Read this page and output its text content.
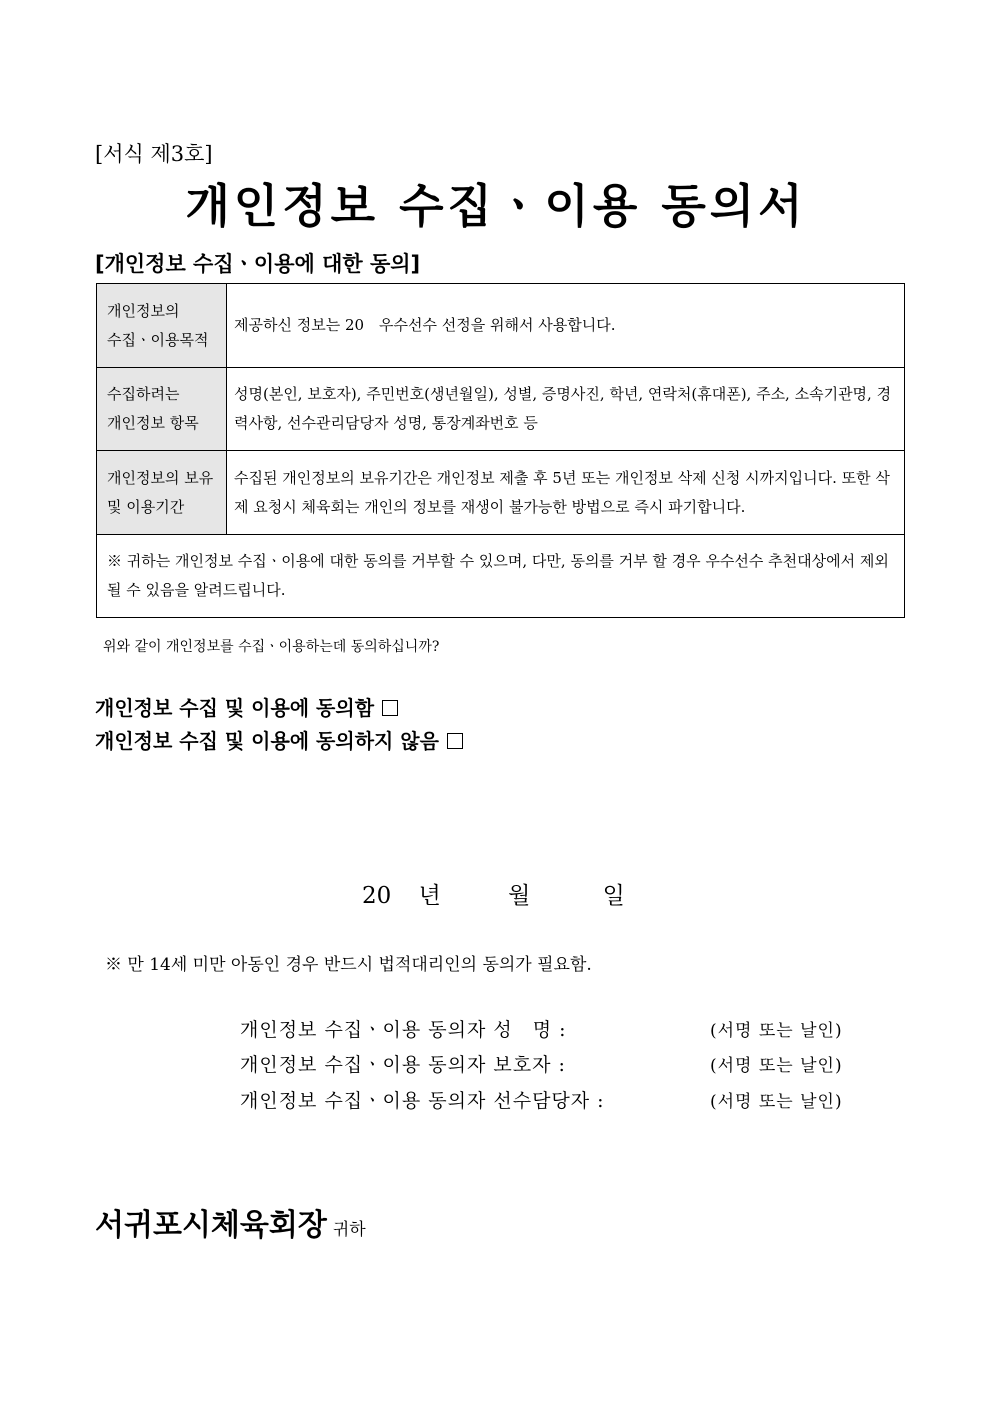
[서식 제3호]
개인정보 수집ㆍ이용 동의서
[개인정보 수집ㆍ이용에 대한 동의]
개인정보의
수집ㆍ이용목적	제공하신 정보는 20　우수선수 선정을 위해서 사용합니다.

수집하려는
개인정보 항목	성명(본인, 보호자), 주민번호(생년월일), 성별, 증명사진, 학년, 연락처(휴대폰), 주소, 소속기관명, 경력사항, 선수관리담당자 성명, 통장계좌번호 등

개인정보의 보유
및 이용기간	수집된 개인정보의 보유기간은 개인정보 제출 후 5년 또는 개인정보 삭제 신청 시까지입니다. 또한 삭제 요청시 체육회는 개인의 정보를 재생이 불가능한 방법으로 즉시 파기합니다.
※ 귀하는 개인정보 수집ㆍ이용에 대한 동의를 거부할 수 있으며, 다만, 동의를 거부 할 경우 우수선수 추천대상에서 제외 될 수 있음을 알려드립니다.	
위와 같이 개인정보를 수집ㆍ이용하는데 동의하십니까?
개인정보 수집 및 이용에 동의함
개인정보 수집 및 이용에 동의하지 않음
20 년	월	일
※ 만 14세 미만 아동인 경우 반드시 법적대리인의 동의가 필요함.
개인정보 수집ㆍ이용 동의자 성　명 :	(서명 또는 날인)
개인정보 수집ㆍ이용 동의자 보호자 :	(서명 또는 날인)
개인정보 수집ㆍ이용 동의자 선수담당자 :	(서명 또는 날인)
서귀포시체육회장 귀하
